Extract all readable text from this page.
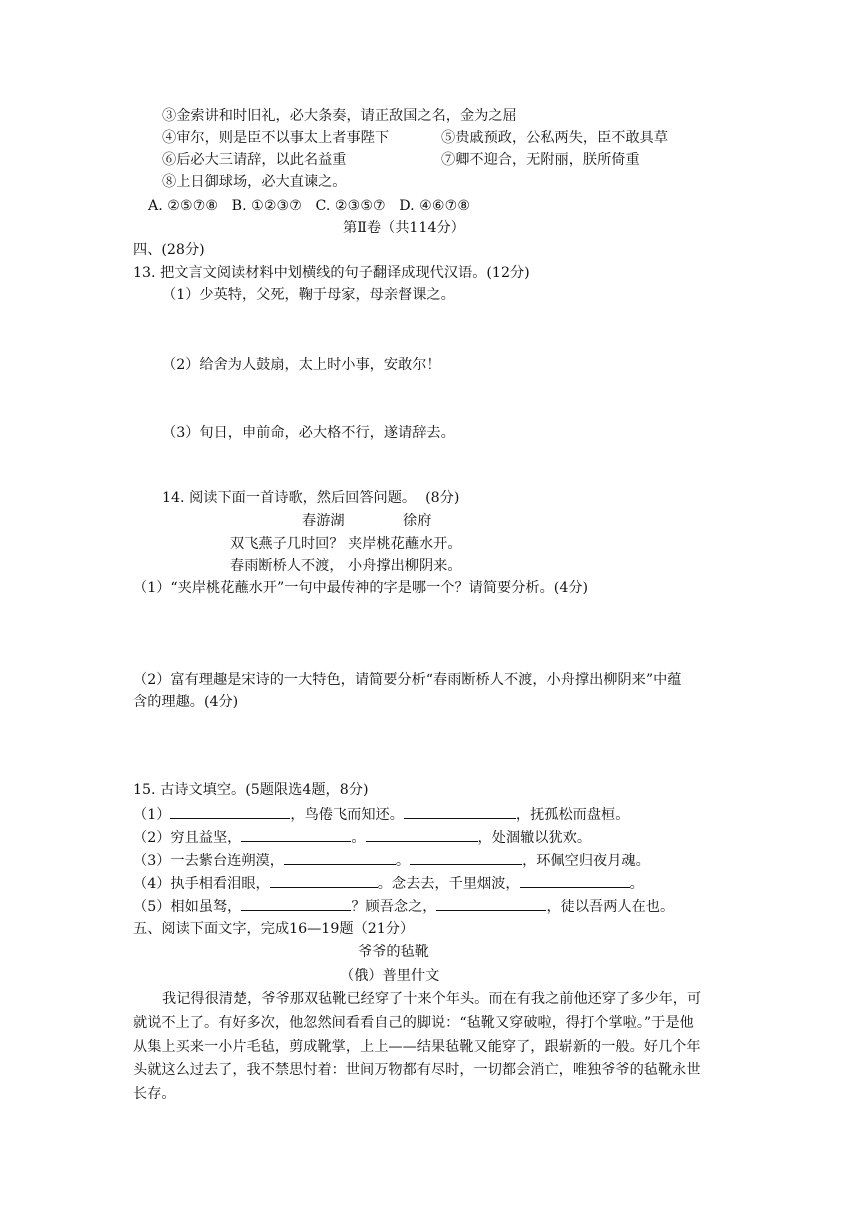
③金索讲和时旧礼，必大条奏，请正敌国之名，金为之屈
④审尔，则是臣不以事太上者事陛下	⑤贵戚预政，公私两失，臣不敢具草
⑥后必大三请辞，以此名益重	⑦卿不迎合，无附丽，朕所倚重
⑧上日御球场，必大直谏之。
A. ②⑤⑦⑧   B. ①②③⑦   C. ②③⑤⑦   D. ④⑥⑦⑧
第Ⅱ卷（共114分）
四、(28分)
13. 把文言文阅读材料中划横线的句子翻译成现代汉语。(12分)
（1）少英特，父死，鞠于母家，母亲督课之。
（2）给舍为人鼓扇，太上时小事，安敢尔！
（3）旬日，申前命，必大格不行，遂请辞去。
14. 阅读下面一首诗歌，然后回答问题。  (8分)
春游湖	徐府
双飞燕子几时回？ 夹岸桃花蘸水开。
春雨断桥人不渡， 小舟撑出柳阴来。
（1）“夹岸桃花蘸水开”一句中最传神的字是哪一个？请简要分析。(4分)
（2）富有理趣是宋诗的一大特色，请简要分析“春雨断桥人不渡，小舟撑出柳阴来”中蕴
含的理趣。(4分)
15. 古诗文填空。(5题限选4题，8分)
（1）	，鸟倦飞而知还。	，抚孤松而盘桓。
（2）穷且益坚，	。	，处涸辙以犹欢。
（3）一去紫台连朔漠，	。	，环佩空归夜月魂。
（4）执手相看泪眼，	。念去去，千里烟波，	。
（5）相如虽驽，	？顾吾念之，	，徒以吾两人在也。
五、阅读下面文字，完成16—19题（21分）
爷爷的毡靴
（俄）普里什文
我记得很清楚，爷爷那双毡靴已经穿了十来个年头。而在有我之前他还穿了多少年，可
就说不上了。有好多次，他忽然间看看自己的脚说：“毡靴又穿破啦，得打个掌啦。”于是他
从集上买来一小片毛毡，剪成靴掌，上上——结果毡靴又能穿了，跟崭新的一般。好几个年
头就这么过去了，我不禁思忖着：世间万物都有尽时，一切都会消亡，唯独爷爷的毡靴永世
长存。
